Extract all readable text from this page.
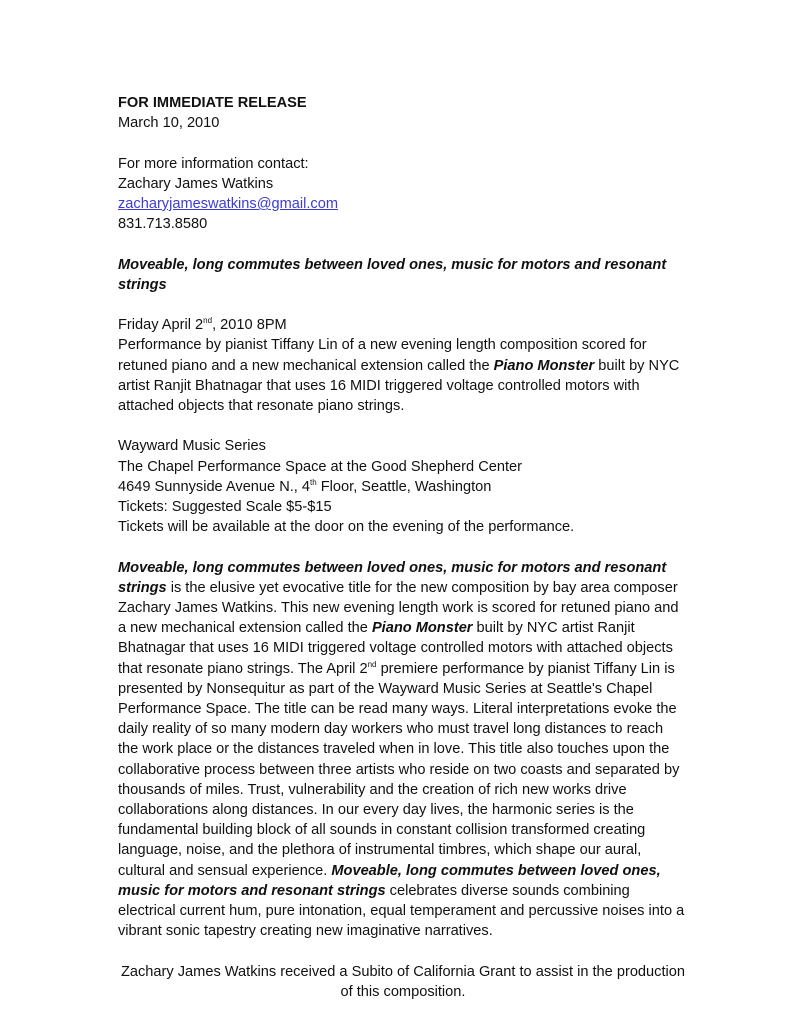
FOR IMMEDIATE RELEASE
March 10, 2010
For more information contact:
Zachary James Watkins
zacharyjameswatkins@gmail.com
831.713.8580
Moveable, long commutes between loved ones, music for motors and resonant
strings
Friday April 2nd, 2010 8PM
Performance by pianist Tiffany Lin of a new evening length composition scored for
retuned piano and a new mechanical extension called the Piano Monster built by NYC
artist Ranjit Bhatnagar that uses 16 MIDI triggered voltage controlled motors with
attached objects that resonate piano strings.
Wayward Music Series
The Chapel Performance Space at the Good Shepherd Center
4649 Sunnyside Avenue N., 4th Floor, Seattle, Washington
Tickets: Suggested Scale $5-$15
Tickets will be available at the door on the evening of the performance.
Moveable, long commutes between loved ones, music for motors and resonant
strings is the elusive yet evocative title for the new composition by bay area composer
Zachary James Watkins. This new evening length work is scored for retuned piano and
a new mechanical extension called the Piano Monster built by NYC artist Ranjit
Bhatnagar that uses 16 MIDI triggered voltage controlled motors with attached objects
that resonate piano strings. The April 2nd premiere performance by pianist Tiffany Lin is
presented by Nonsequitur as part of the Wayward Music Series at Seattle's Chapel
Performance Space. The title can be read many ways. Literal interpretations evoke the
daily reality of so many modern day workers who must travel long distances to reach
the work place or the distances traveled when in love. This title also touches upon the
collaborative process between three artists who reside on two coasts and separated by
thousands of miles. Trust, vulnerability and the creation of rich new works drive
collaborations along distances. In our every day lives, the harmonic series is the
fundamental building block of all sounds in constant collision transformed creating
language, noise, and the plethora of instrumental timbres, which shape our aural,
cultural and sensual experience. Moveable, long commutes between loved ones,
music for motors and resonant strings celebrates diverse sounds combining
electrical current hum, pure intonation, equal temperament and percussive noises into a
vibrant sonic tapestry creating new imaginative narratives.
Zachary James Watkins received a Subito of California Grant to assist in the production
of this composition.
